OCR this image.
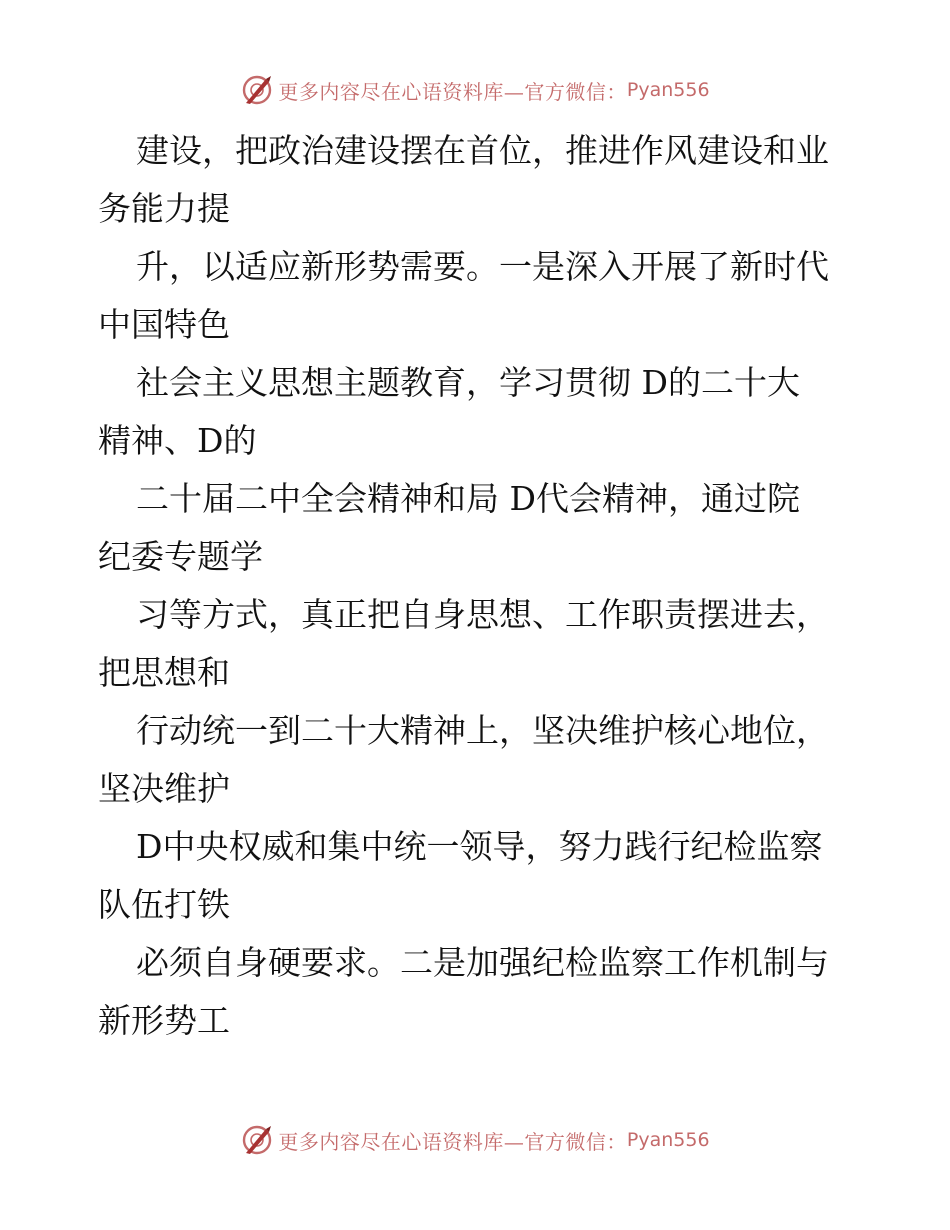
更多内容尽在心语资料库—官方微信： Pyan556

建设，把政治建设摆在首位，推进作风建设和业

务能力提

升，以适应新形势需要。一是深入开展了新时代

中国特色

社会主义思想主题教育，学习贯彻 D的二十大

精神、D的

二十届二中全会精神和局 D代会精神，通过院

纪委专题学

习等方式，真正把自身思想、工作职责摆进去，

把思想和

行动统一到二十大精神上，坚决维护核心地位，

坚决维护

D中央权威和集中统一领导，努力践行纪检监察

队伍打铁

必须自身硬要求。二是加强纪检监察工作机制与

新形势工

更多内容尽在心语资料库—官方微信： Pyan556
